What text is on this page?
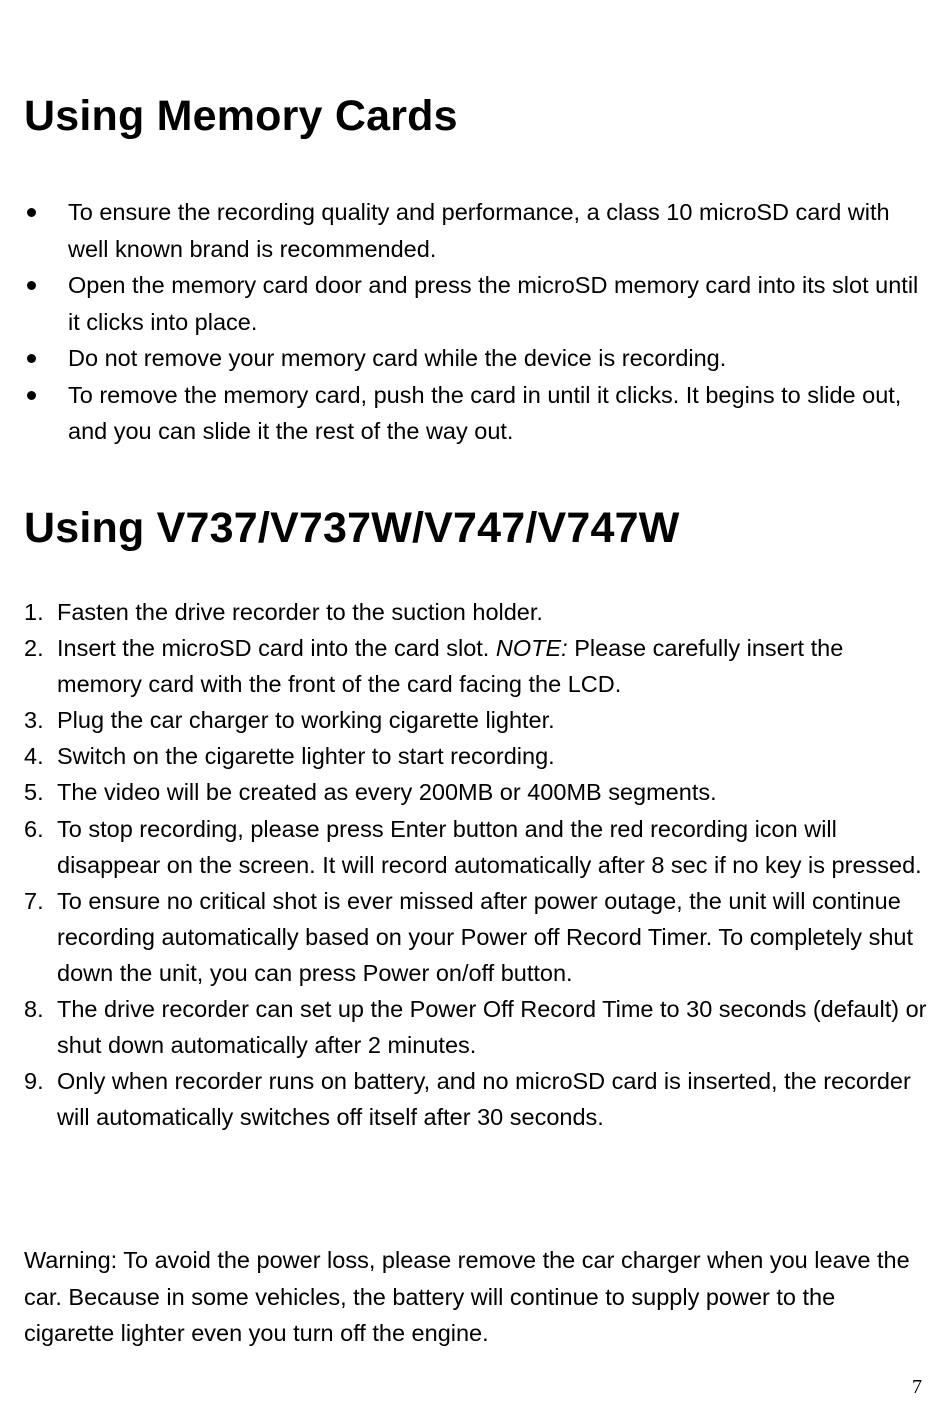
Using Memory Cards
To ensure the recording quality and performance, a class 10 microSD card with well known brand is recommended.
Open the memory card door and press the microSD memory card into its slot until it clicks into place.
Do not remove your memory card while the device is recording.
To remove the memory card, push the card in until it clicks. It begins to slide out, and you can slide it the rest of the way out.
Using V737/V737W/V747/V747W
1. Fasten the drive recorder to the suction holder.
2. Insert the microSD card into the card slot. NOTE: Please carefully insert the memory card with the front of the card facing the LCD.
3. Plug the car charger to working cigarette lighter.
4. Switch on the cigarette lighter to start recording.
5. The video will be created as every 200MB or 400MB segments.
6. To stop recording, please press Enter button and the red recording icon will disappear on the screen. It will record automatically after 8 sec if no key is pressed.
7. To ensure no critical shot is ever missed after power outage, the unit will continue recording automatically based on your Power off Record Timer. To completely shut down the unit, you can press Power on/off button.
8. The drive recorder can set up the Power Off Record Time to 30 seconds (default) or shut down automatically after 2 minutes.
9. Only when recorder runs on battery, and no microSD card is inserted, the recorder will automatically switches off itself after 30 seconds.

Warning: To avoid the power loss, please remove the car charger when you leave the car. Because in some vehicles, the battery will continue to supply power to the cigarette lighter even you turn off the engine.

7
